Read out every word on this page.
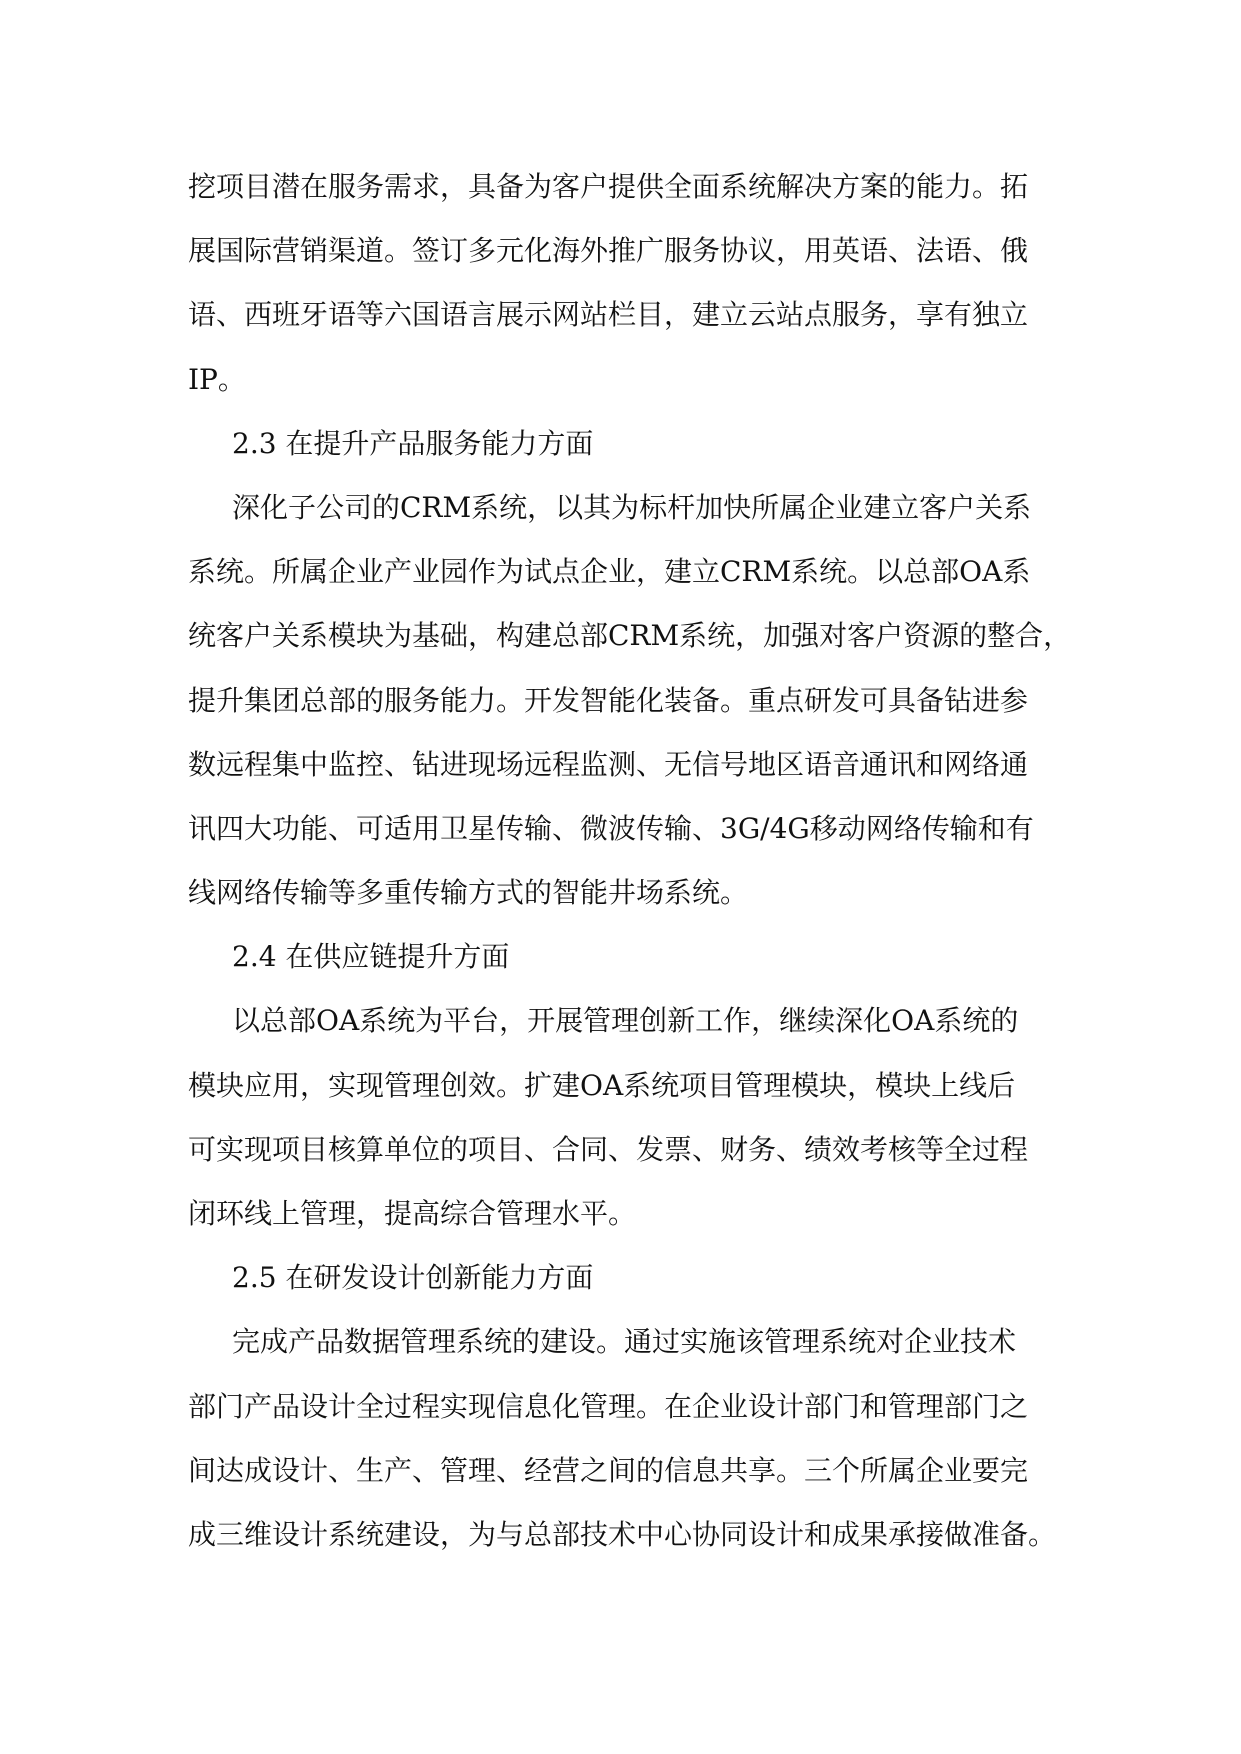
挖项目潜在服务需求，具备为客户提供全面系统解决方案的能力。拓
展国际营销渠道。签订多元化海外推广服务协议，用英语、法语、俄
语、西班牙语等六国语言展示网站栏目，建立云站点服务，享有独立
IP。
2.3 在提升产品服务能力方面
深化子公司的CRM系统，以其为标杆加快所属企业建立客户关系
系统。所属企业产业园作为试点企业，建立CRM系统。以总部OA系
统客户关系模块为基础，构建总部CRM系统，加强对客户资源的整合，
提升集团总部的服务能力。开发智能化装备。重点研发可具备钻进参
数远程集中监控、钻进现场远程监测、无信号地区语音通讯和网络通
讯四大功能、可适用卫星传输、微波传输、3G/4G移动网络传输和有
线网络传输等多重传输方式的智能井场系统。
2.4 在供应链提升方面
以总部OA系统为平台，开展管理创新工作，继续深化OA系统的
模块应用，实现管理创效。扩建OA系统项目管理模块，模块上线后
可实现项目核算单位的项目、合同、发票、财务、绩效考核等全过程
闭环线上管理，提高综合管理水平。
2.5 在研发设计创新能力方面
完成产品数据管理系统的建设。通过实施该管理系统对企业技术
部门产品设计全过程实现信息化管理。在企业设计部门和管理部门之
间达成设计、生产、管理、经营之间的信息共享。三个所属企业要完
成三维设计系统建设，为与总部技术中心协同设计和成果承接做准备。
